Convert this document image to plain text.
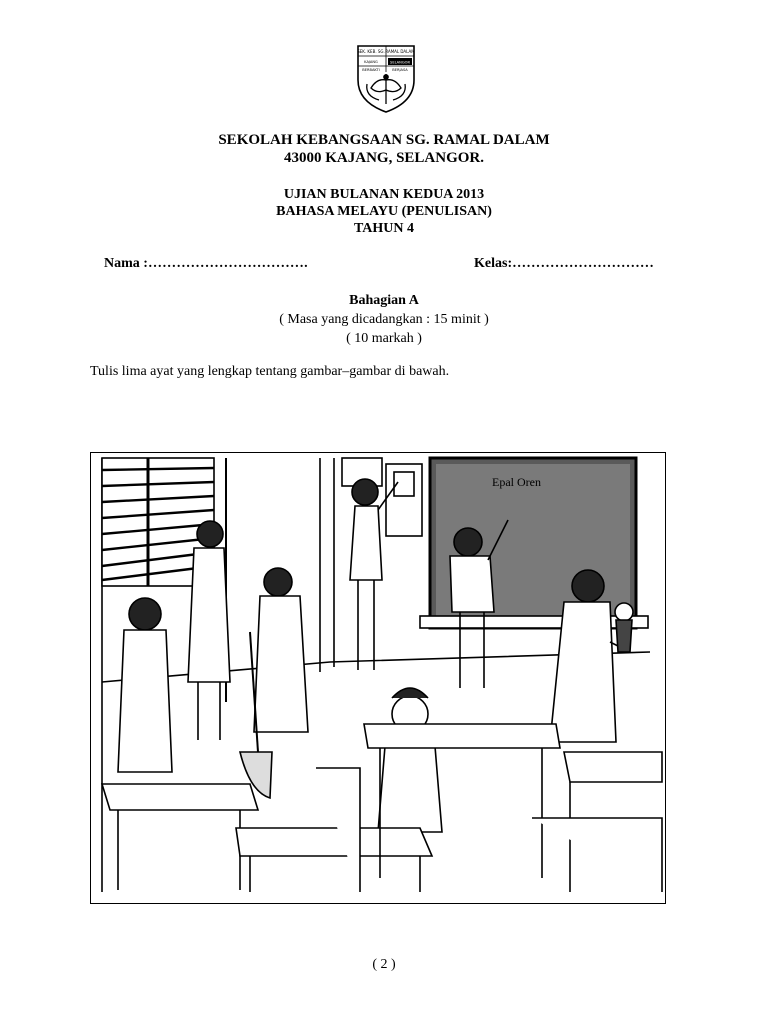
SEK. KEB. SG. RAMAL DALAM
KAJANG	SELANGOR
BERBAKTI	BERJASA
SEKOLAH KEBANGSAAN SG. RAMAL DALAM
43000 KAJANG, SELANGOR.
UJIAN BULANAN KEDUA 2013
BAHASA MELAYU (PENULISAN)
TAHUN 4
Nama :…………………………….	Kelas:…………………………
Bahagian A
( Masa yang dicadangkan : 15 minit )
( 10 markah )
Tulis lima ayat yang lengkap tentang gambar–gambar di bawah.
Epal Oren
( 2 )
